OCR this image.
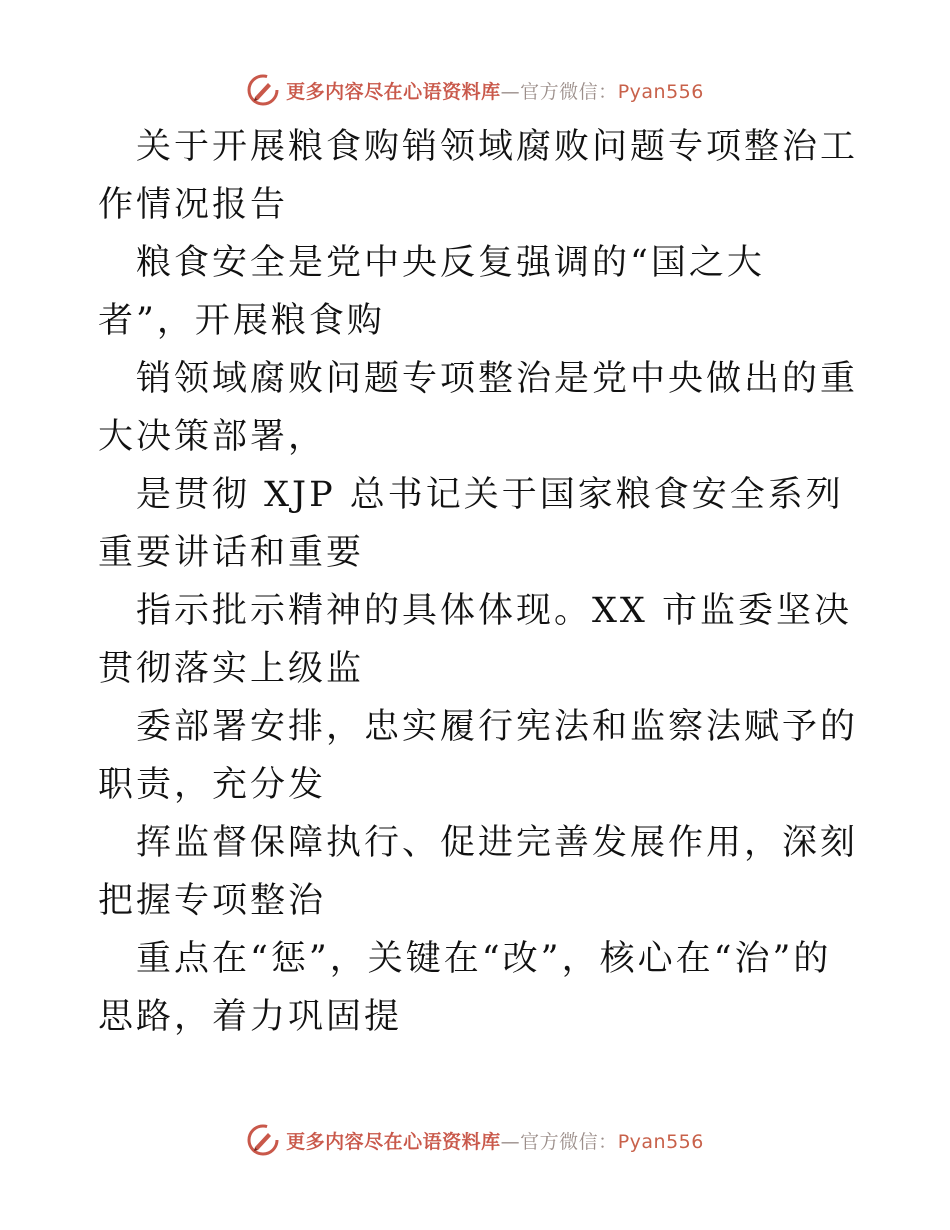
更多内容尽在心语资料库—官方微信：Pyan556

关于开展粮食购销领域腐败问题专项整治工作情况报告

粮食安全是党中央反复强调的“国之大者”，开展粮食购

销领域腐败问题专项整治是党中央做出的重大决策部署，

是贯彻 XJP 总书记关于国家粮食安全系列重要讲话和重要

指示批示精神的具体体现。XX 市监委坚决贯彻落实上级监

委部署安排，忠实履行宪法和监察法赋予的职责，充分发

挥监督保障执行、促进完善发展作用，深刻把握专项整治

重点在“惩”，关键在“改”，核心在“治”的思路，着力巩固提

更多内容尽在心语资料库—官方微信：Pyan556
